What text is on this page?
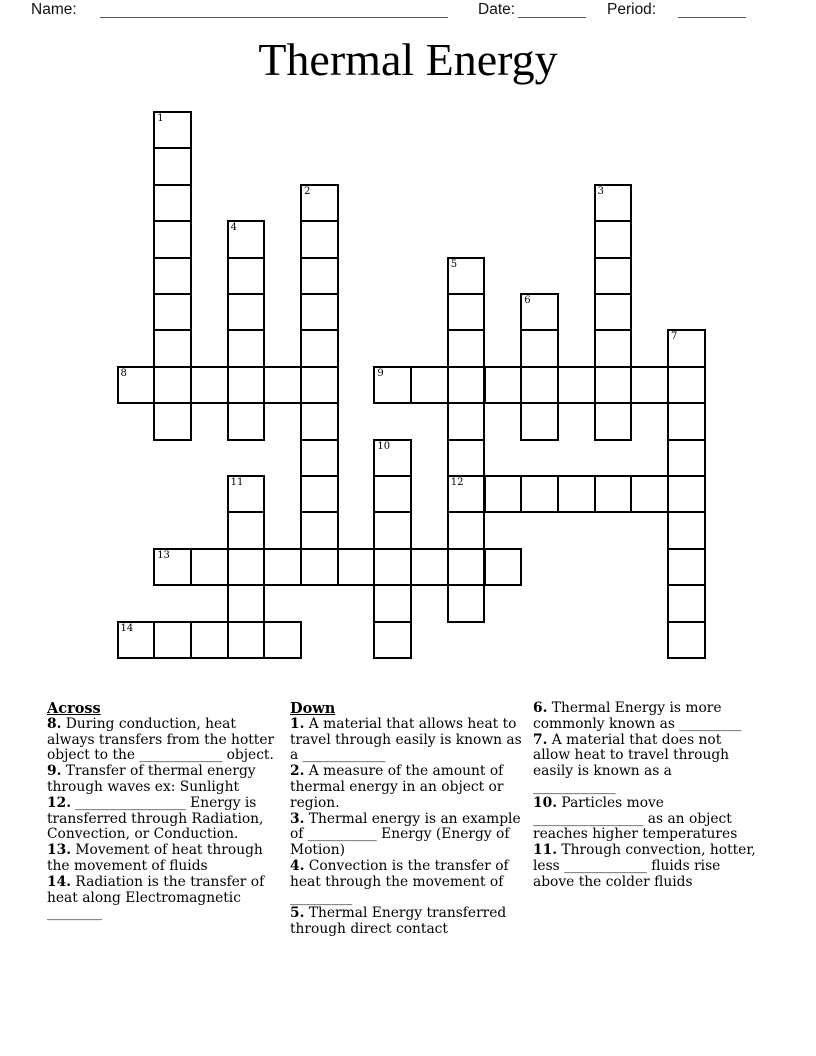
Name:	Date:	Period:
Thermal Energy
1
2	3
4
5
12
6
7
8	9
10
11
13
14
Across
8. During conduction, heat always transfers from the hotter object to the ____________ object.
9. Transfer of thermal energy through waves ex: Sunlight
12. ________________ Energy is transferred through Radiation, Convection, or Conduction.
13. Movement of heat through the movement of fluids
14. Radiation is the transfer of heat along Electromagnetic ________
Down
1. A material that allows heat to travel through easily is known as a ____________
2. A measure of the amount of thermal energy in an object or region.
3. Thermal energy is an example of __________ Energy (Energy of Motion)
4. Convection is the transfer of heat through the movement of _________
5. Thermal Energy transferred through direct contact
6. Thermal Energy is more commonly known as _________
7. A material that does not allow heat to travel through easily is known as a ____________
10. Particles move ________________ as an object reaches higher temperatures
11. Through convection, hotter, less ____________ fluids rise above the colder fluids
